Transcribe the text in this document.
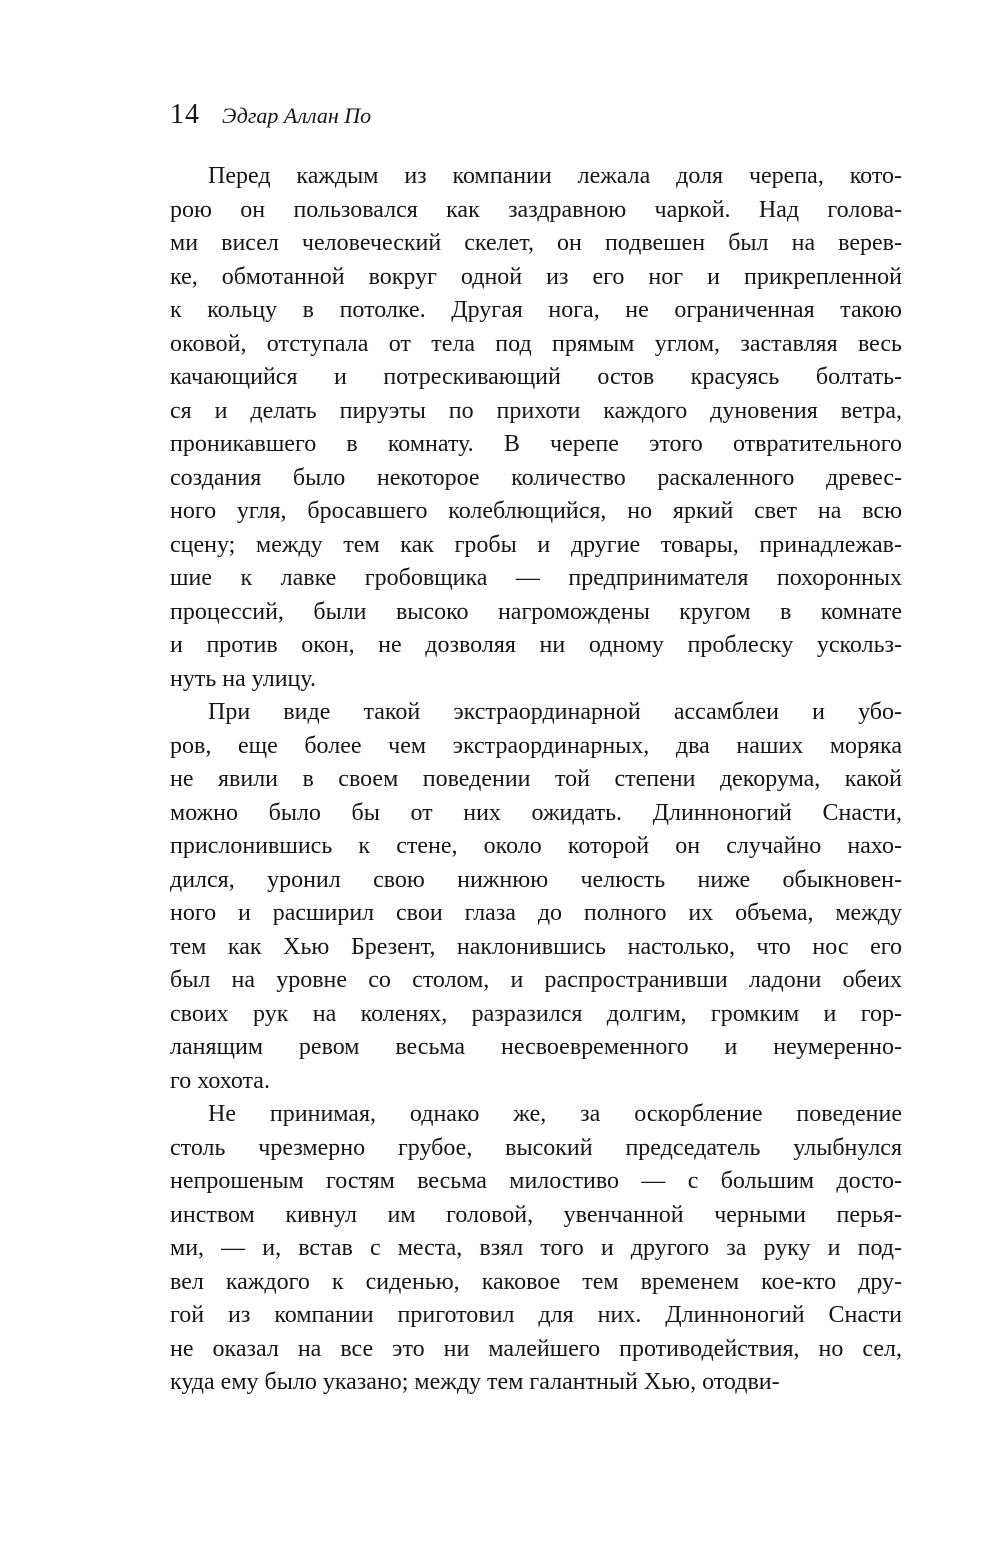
14 Эдгар Аллан По
Перед каждым из компании лежала доля черепа, кото-
рою он пользовался как заздравною чаркой. Над голова-
ми висел человеческий скелет, он подвешен был на верев-
ке, обмотанной вокруг одной из его ног и прикрепленной
к кольцу в потолке. Другая нога, не ограниченная такою
оковой, отступала от тела под прямым углом, заставляя весь
качающийся и потрескивающий остов красуясь болтать-
ся и делать пируэты по прихоти каждого дуновения ветра,
проникавшего в комнату. В черепе этого отвратительного
создания было некоторое количество раскаленного древес-
ного угля, бросавшего колеблющийся, но яркий свет на всю
сцену; между тем как гробы и другие товары, принадлежав-
шие к лавке гробовщика — предпринимателя похоронных
процессий, были высоко нагромождены кругом в комнате
и против окон, не дозволяя ни одному проблеску ускольз-
нуть на улицу.
При виде такой экстраординарной ассамблеи и убо-
ров, еще более чем экстраординарных, два наших моряка
не явили в своем поведении той степени декорума, какой
можно было бы от них ожидать. Длинноногий Снасти,
прислонившись к стене, около которой он случайно нахо-
дился, уронил свою нижнюю челюсть ниже обыкновен-
ного и расширил свои глаза до полного их объема, между
тем как Хью Брезент, наклонившись настолько, что нос его
был на уровне со столом, и распространивши ладони обеих
своих рук на коленях, разразился долгим, громким и гор-
ланящим ревом весьма несвоевременного и неумеренно-
го хохота.
Не принимая, однако же, за оскорбление поведение
столь чрезмерно грубое, высокий председатель улыбнулся
непрошеным гостям весьма милостиво — с большим досто-
инством кивнул им головой, увенчанной черными перья-
ми, — и, встав с места, взял того и другого за руку и под-
вел каждого к сиденью, каковое тем временем кое-кто дру-
гой из компании приготовил для них. Длинноногий Снасти
не оказал на все это ни малейшего противодействия, но сел,
куда ему было указано; между тем галантный Хью, отодви-
